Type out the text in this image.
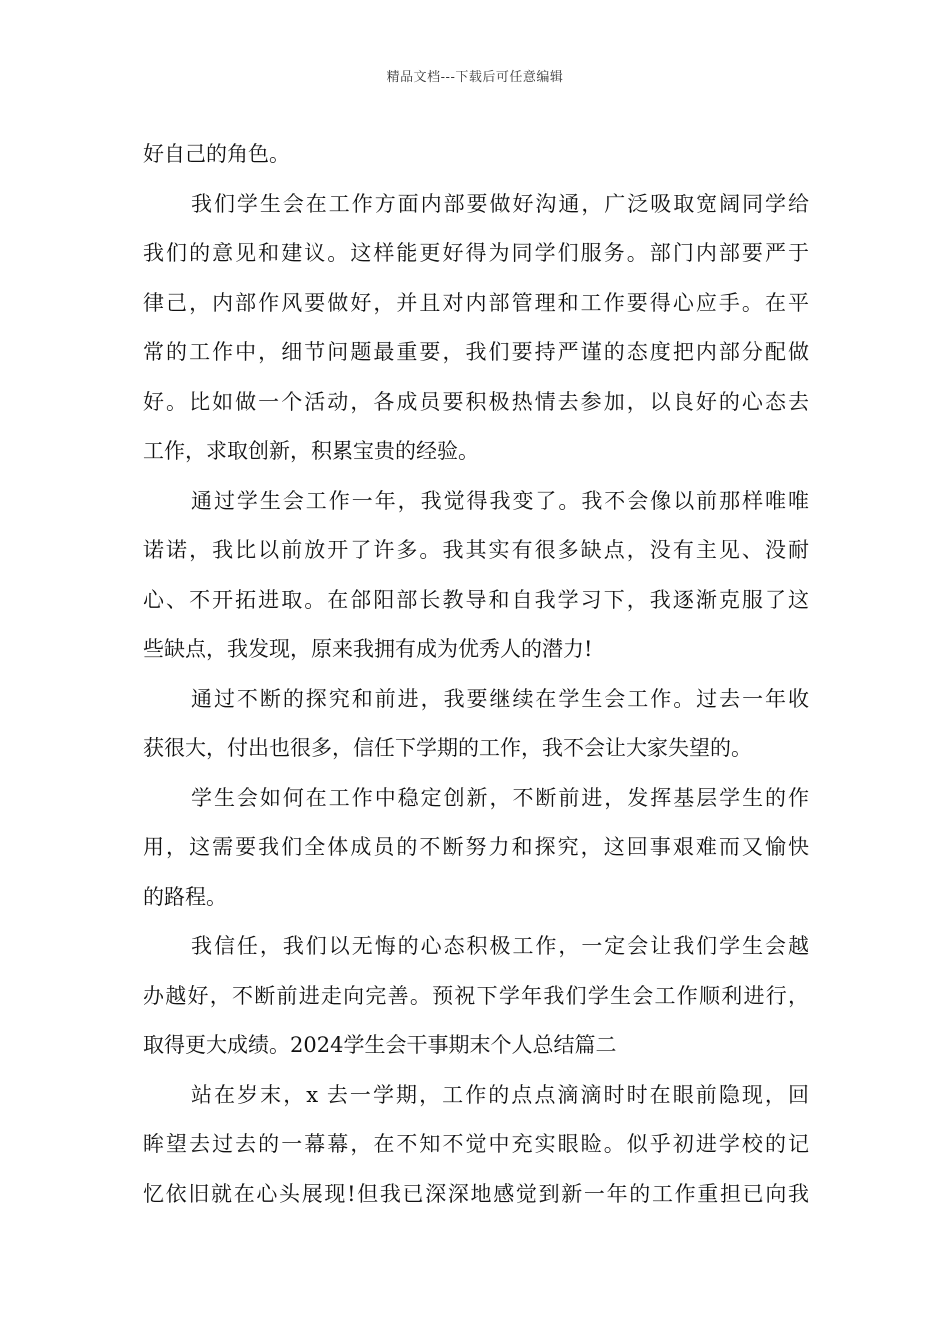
精品文档---下载后可任意编辑
好自己的角色。
我们学生会在工作方面内部要做好沟通，广泛吸取宽阔同学给
我们的意见和建议。这样能更好得为同学们服务。部门内部要严于
律己，内部作风要做好，并且对内部管理和工作要得心应手。在平
常的工作中，细节问题最重要，我们要持严谨的态度把内部分配做
好。比如做一个活动，各成员要积极热情去参加，以良好的心态去
工作，求取创新，积累宝贵的经验。
通过学生会工作一年，我觉得我变了。我不会像以前那样唯唯
诺诺，我比以前放开了许多。我其实有很多缺点，没有主见、没耐
心、不开拓进取。在郃阳部长教导和自我学习下，我逐渐克服了这
些缺点，我发现，原来我拥有成为优秀人的潜力!
通过不断的探究和前进，我要继续在学生会工作。过去一年收
获很大，付出也很多，信任下学期的工作，我不会让大家失望的。
学生会如何在工作中稳定创新，不断前进，发挥基层学生的作
用，这需要我们全体成员的不断努力和探究，这回事艰难而又愉快
的路程。
我信任，我们以无悔的心态积极工作，一定会让我们学生会越
办越好，不断前进走向完善。预祝下学年我们学生会工作顺利进行，
取得更大成绩。2024学生会干事期末个人总结篇二
站在岁末，x 去一学期，工作的点点滴滴时时在眼前隐现，回
眸望去过去的一幕幕，在不知不觉中充实眼睑。似乎初进学校的记
忆依旧就在心头展现!但我已深深地感觉到新一年的工作重担已向我
